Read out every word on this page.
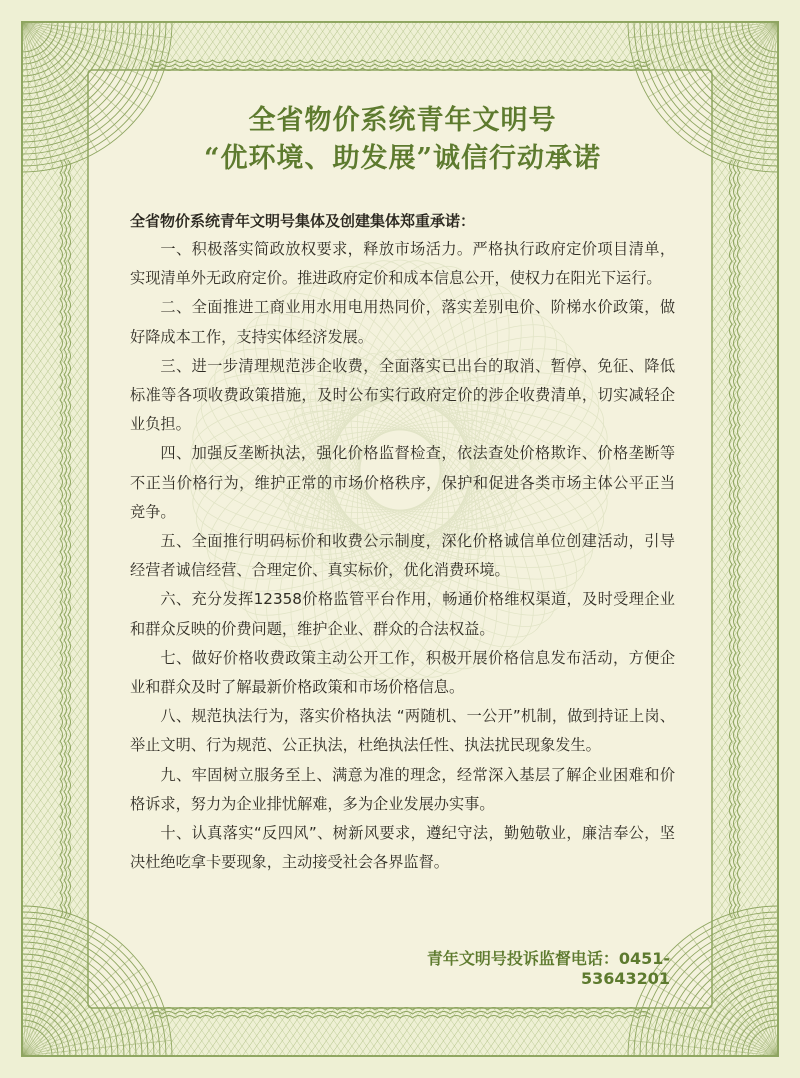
全省物价系统青年文明号
“优环境、助发展”诚信行动承诺
全省物价系统青年文明号集体及创建集体郑重承诺：

一、积极落实简政放权要求，释放市场活力。严格执行政府定价项目清单，实现清单外无政府定价。推进政府定价和成本信息公开，使权力在阳光下运行。

二、全面推进工商业用水用电用热同价，落实差别电价、阶梯水价政策，做好降成本工作，支持实体经济发展。

三、进一步清理规范涉企收费，全面落实已出台的取消、暂停、免征、降低标准等各项收费政策措施，及时公布实行政府定价的涉企收费清单，切实减轻企业负担。

四、加强反垄断执法，强化价格监督检查，依法查处价格欺诈、价格垄断等不正当价格行为，维护正常的市场价格秩序，保护和促进各类市场主体公平正当竞争。

五、全面推行明码标价和收费公示制度，深化价格诚信单位创建活动，引导经营者诚信经营、合理定价、真实标价，优化消费环境。

六、充分发挥12358价格监管平台作用，畅通价格维权渠道，及时受理企业和群众反映的价费问题，维护企业、群众的合法权益。

七、做好价格收费政策主动公开工作，积极开展价格信息发布活动，方便企业和群众及时了解最新价格政策和市场价格信息。

八、规范执法行为，落实价格执法 “两随机、一公开”机制，做到持证上岗、举止文明、行为规范、公正执法，杜绝执法任性、执法扰民现象发生。

九、牢固树立服务至上、满意为准的理念，经常深入基层了解企业困难和价格诉求，努力为企业排忧解难，多为企业发展办实事。

十、认真落实“反四风”、树新风要求，遵纪守法，勤勉敬业，廉洁奉公，坚决杜绝吃拿卡要现象，主动接受社会各界监督。

青年文明号投诉监督电话：0451-53643201
